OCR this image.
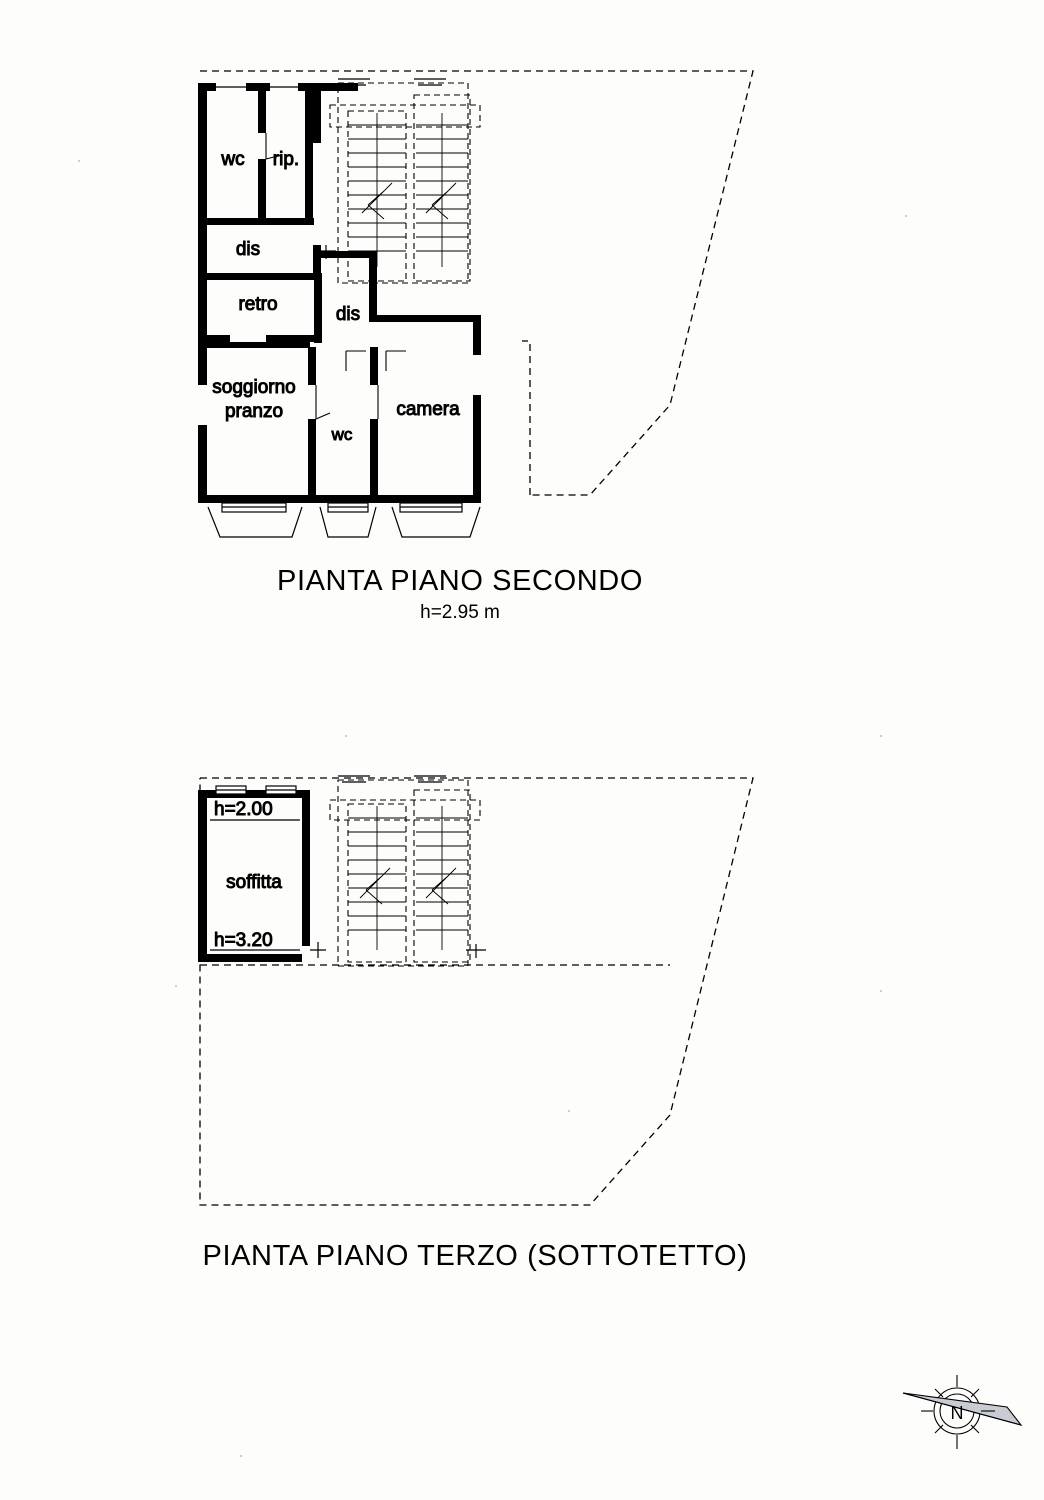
wc rip.
dis
retro	dis
soggiorno
pranzo
wc
camera
PIANTA PIANO SECONDO
h=2.95 m
h=2.00
h=3.20
soffitta
PIANTA PIANO TERZO (SOTTOTETTO)
N
